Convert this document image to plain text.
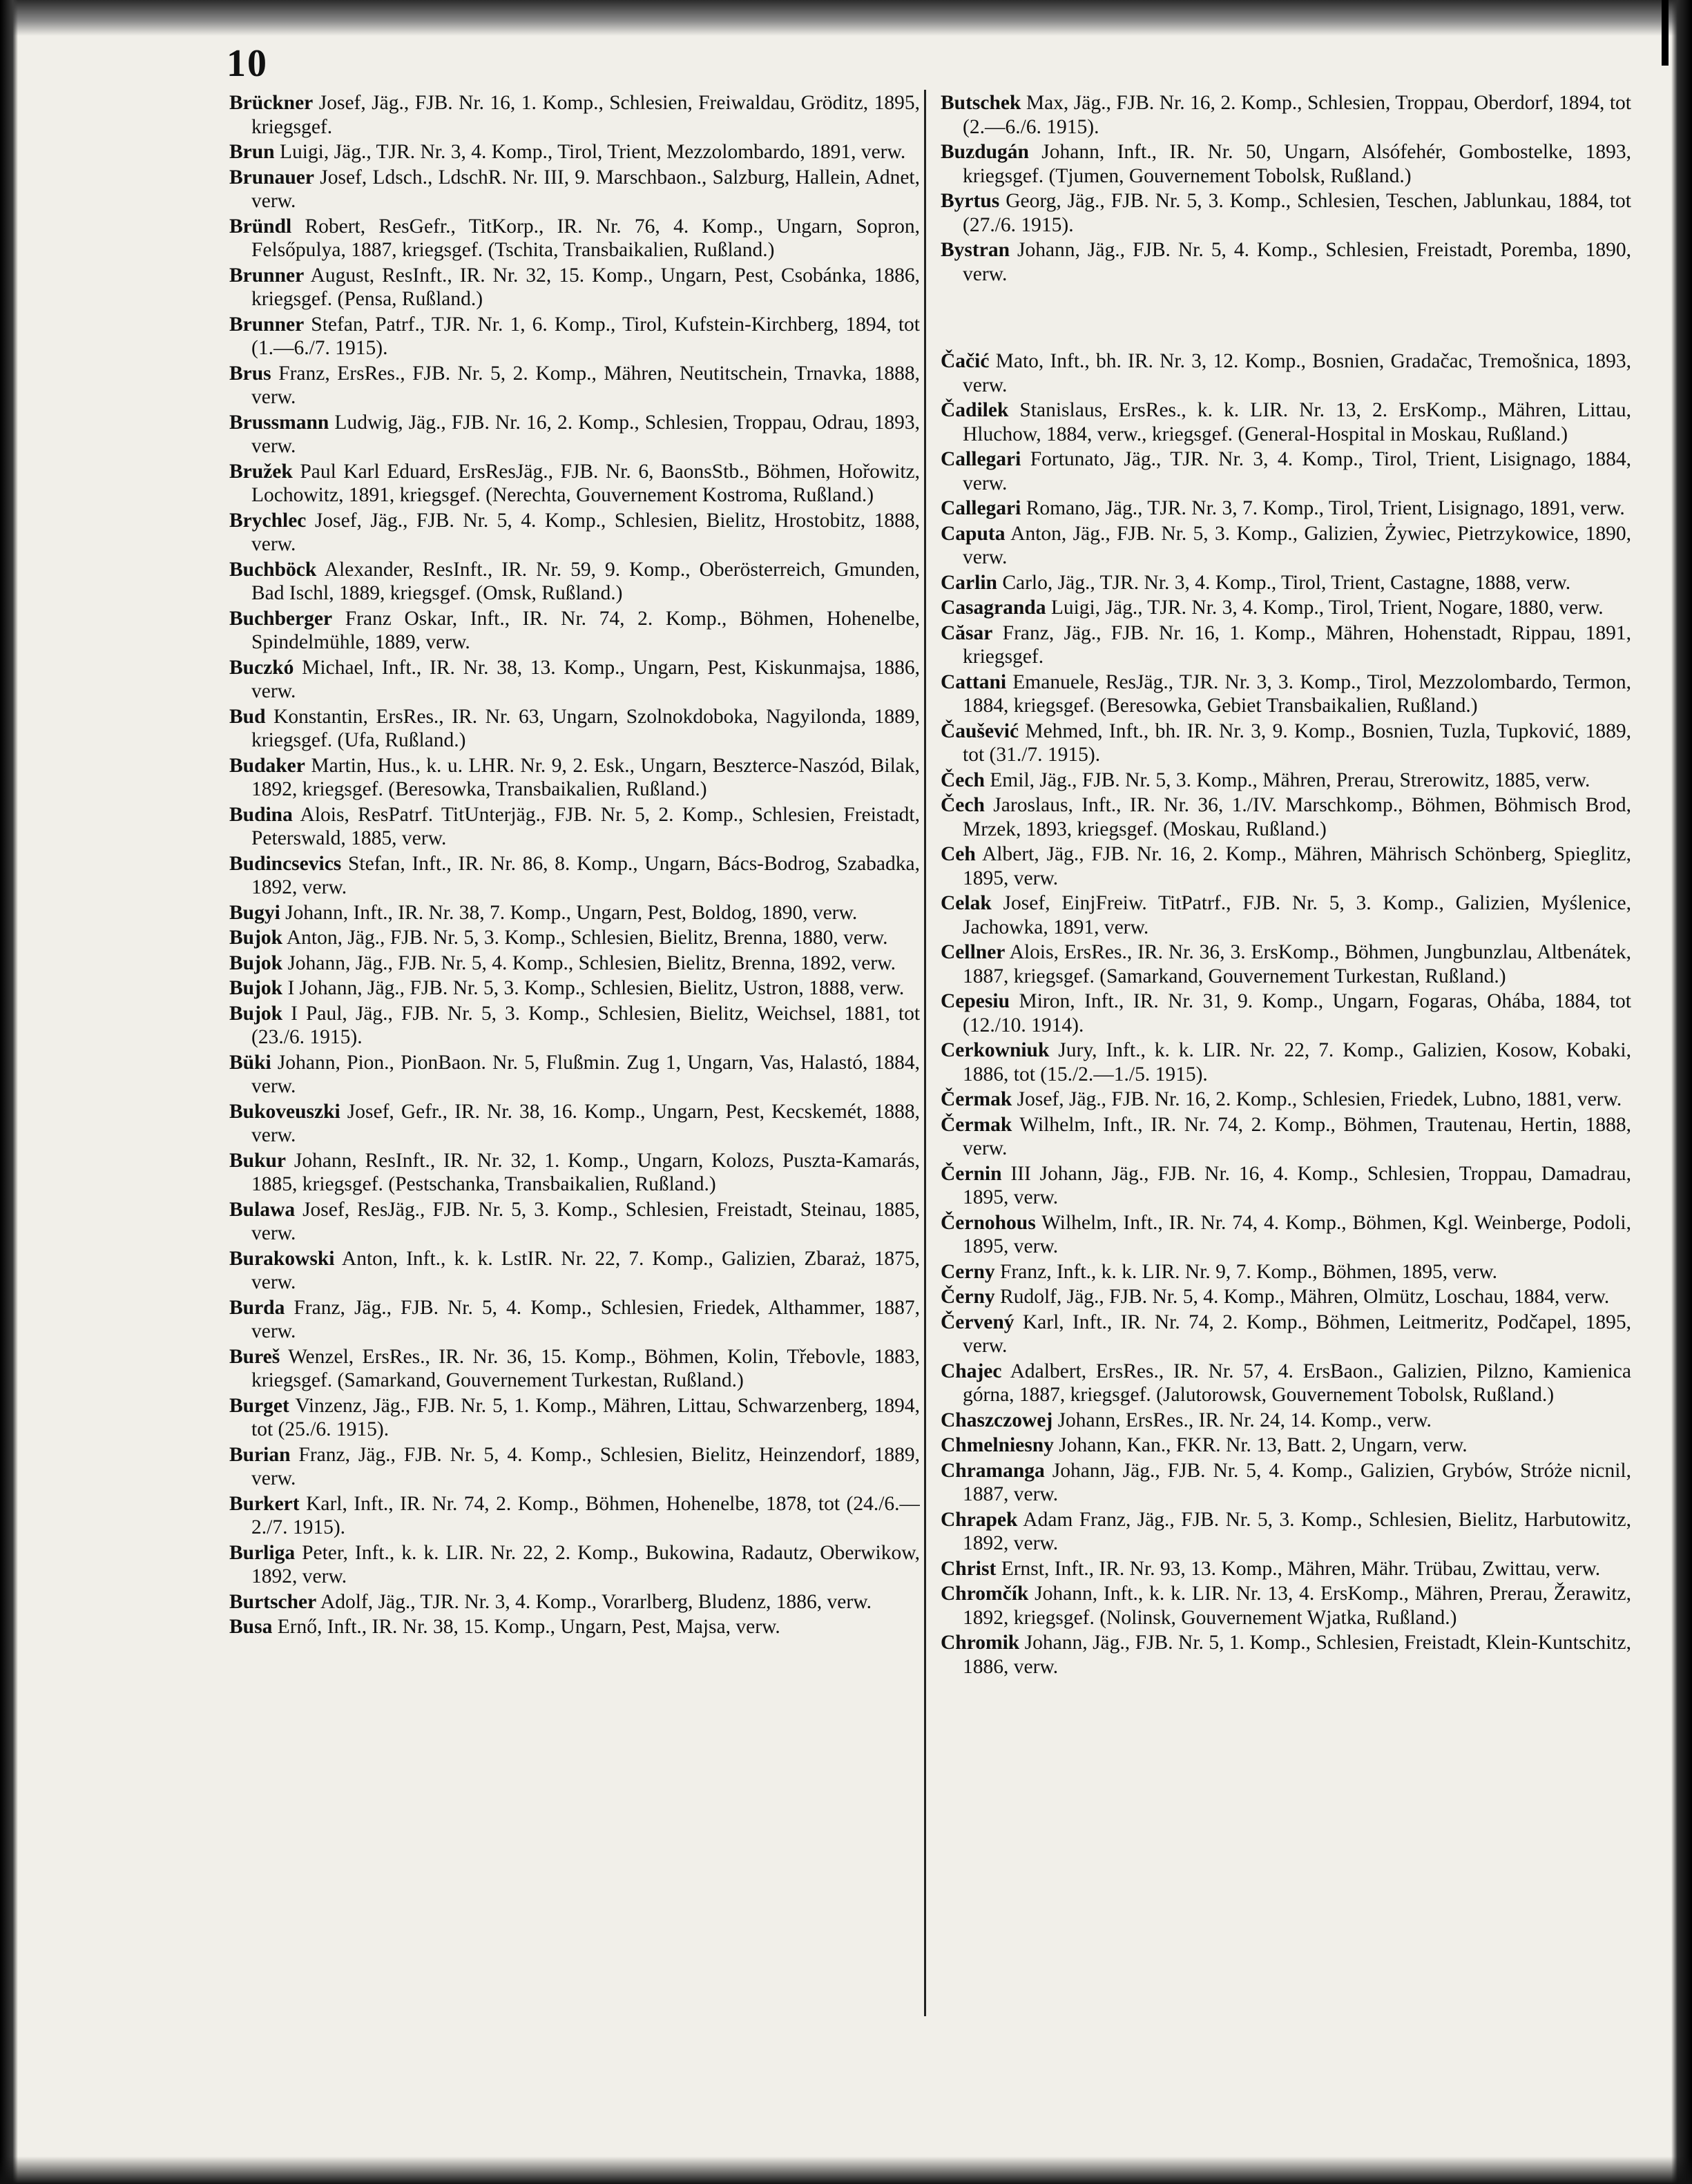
10

Brückner Josef, Jäg., FJB. Nr. 16, 1. Komp., Schlesien, Freiwaldau, Gröditz, 1895, kriegsgef.

Brun Luigi, Jäg., TJR. Nr. 3, 4. Komp., Tirol, Trient, Mezzolombardo, 1891, verw.

Brunauer Josef, Ldsch., LdschR. Nr. III, 9. Marschbaon., Salzburg, Hallein, Adnet, verw.

Bründl Robert, ResGefr., TitKorp., IR. Nr. 76, 4. Komp., Ungarn, Sopron, Felsőpulya, 1887, kriegsgef. (Tschita, Transbaikalien, Rußland.)

Brunner August, ResInft., IR. Nr. 32, 15. Komp., Ungarn, Pest, Csobánka, 1886, kriegsgef. (Pensa, Rußland.)

Brunner Stefan, Patrf., TJR. Nr. 1, 6. Komp., Tirol, Kufstein-Kirchberg, 1894, tot (1.—6./7. 1915).

Brus Franz, ErsRes., FJB. Nr. 5, 2. Komp., Mähren, Neutitschein, Trnavka, 1888, verw.

Brussmann Ludwig, Jäg., FJB. Nr. 16, 2. Komp., Schlesien, Troppau, Odrau, 1893, verw.

Bružek Paul Karl Eduard, ErsResJäg., FJB. Nr. 6, BaonsStb., Böhmen, Hořowitz, Lochowitz, 1891, kriegsgef. (Nerechta, Gouvernement Kostroma, Rußland.)

Brychlec Josef, Jäg., FJB. Nr. 5, 4. Komp., Schlesien, Bielitz, Hrostobitz, 1888, verw.

Buchböck Alexander, ResInft., IR. Nr. 59, 9. Komp., Oberösterreich, Gmunden, Bad Ischl, 1889, kriegsgef. (Omsk, Rußland.)

Buchberger Franz Oskar, Inft., IR. Nr. 74, 2. Komp., Böhmen, Hohenelbe, Spindelmühle, 1889, verw.

Buczkó Michael, Inft., IR. Nr. 38, 13. Komp., Ungarn, Pest, Kiskunmajsa, 1886, verw.

Bud Konstantin, ErsRes., IR. Nr. 63, Ungarn, Szolnokdoboka, Nagyilonda, 1889, kriegsgef. (Ufa, Rußland.)

Budaker Martin, Hus., k. u. LHR. Nr. 9, 2. Esk., Ungarn, Beszterce-Naszód, Bilak, 1892, kriegsgef. (Beresowka, Transbaikalien, Rußland.)

Budina Alois, ResPatrf. TitUnterjäg., FJB. Nr. 5, 2. Komp., Schlesien, Freistadt, Peterswald, 1885, verw.

Budincsevics Stefan, Inft., IR. Nr. 86, 8. Komp., Ungarn, Bács-Bodrog, Szabadka, 1892, verw.

Bugyi Johann, Inft., IR. Nr. 38, 7. Komp., Ungarn, Pest, Boldog, 1890, verw.

Bujok Anton, Jäg., FJB. Nr. 5, 3. Komp., Schlesien, Bielitz, Brenna, 1880, verw.

Bujok Johann, Jäg., FJB. Nr. 5, 4. Komp., Schlesien, Bielitz, Brenna, 1892, verw.

Bujok I Johann, Jäg., FJB. Nr. 5, 3. Komp., Schlesien, Bielitz, Ustron, 1888, verw.

Bujok I Paul, Jäg., FJB. Nr. 5, 3. Komp., Schlesien, Bielitz, Weichsel, 1881, tot (23./6. 1915).

Büki Johann, Pion., PionBaon. Nr. 5, Flußmin. Zug 1, Ungarn, Vas, Halastó, 1884, verw.

Bukoveuszki Josef, Gefr., IR. Nr. 38, 16. Komp., Ungarn, Pest, Kecskemét, 1888, verw.

Bukur Johann, ResInft., IR. Nr. 32, 1. Komp., Ungarn, Kolozs, Puszta-Kamarás, 1885, kriegsgef. (Pestschanka, Transbaikalien, Rußland.)

Bulawa Josef, ResJäg., FJB. Nr. 5, 3. Komp., Schlesien, Freistadt, Steinau, 1885, verw.

Burakowski Anton, Inft., k. k. LstIR. Nr. 22, 7. Komp., Galizien, Zbaraż, 1875, verw.

Burda Franz, Jäg., FJB. Nr. 5, 4. Komp., Schlesien, Friedek, Althammer, 1887, verw.

Bureš Wenzel, ErsRes., IR. Nr. 36, 15. Komp., Böhmen, Kolin, Třebovle, 1883, kriegsgef. (Samarkand, Gouvernement Turkestan, Rußland.)

Burget Vinzenz, Jäg., FJB. Nr. 5, 1. Komp., Mähren, Littau, Schwarzenberg, 1894, tot (25./6. 1915).

Burian Franz, Jäg., FJB. Nr. 5, 4. Komp., Schlesien, Bielitz, Heinzendorf, 1889, verw.

Burkert Karl, Inft., IR. Nr. 74, 2. Komp., Böhmen, Hohenelbe, 1878, tot (24./6.—2./7. 1915).

Burliga Peter, Inft., k. k. LIR. Nr. 22, 2. Komp., Bukowina, Radautz, Oberwikow, 1892, verw.

Burtscher Adolf, Jäg., TJR. Nr. 3, 4. Komp., Vorarlberg, Bludenz, 1886, verw.

Busa Ernő, Inft., IR. Nr. 38, 15. Komp., Ungarn, Pest, Majsa, verw.

Butschek Max, Jäg., FJB. Nr. 16, 2. Komp., Schlesien, Troppau, Oberdorf, 1894, tot (2.—6./6. 1915).

Buzdugán Johann, Inft., IR. Nr. 50, Ungarn, Alsófehér, Gombostelke, 1893, kriegsgef. (Tjumen, Gouvernement Tobolsk, Rußland.)

Byrtus Georg, Jäg., FJB. Nr. 5, 3. Komp., Schlesien, Teschen, Jablunkau, 1884, tot (27./6. 1915).

Bystran Johann, Jäg., FJB. Nr. 5, 4. Komp., Schlesien, Freistadt, Poremba, 1890, verw.

Čačić Mato, Inft., bh. IR. Nr. 3, 12. Komp., Bosnien, Gradačac, Tremošnica, 1893, verw.

Čadilek Stanislaus, ErsRes., k. k. LIR. Nr. 13, 2. ErsKomp., Mähren, Littau, Hluchow, 1884, verw., kriegsgef. (General-Hospital in Moskau, Rußland.)

Callegari Fortunato, Jäg., TJR. Nr. 3, 4. Komp., Tirol, Trient, Lisignago, 1884, verw.

Callegari Romano, Jäg., TJR. Nr. 3, 7. Komp., Tirol, Trient, Lisignago, 1891, verw.

Caputa Anton, Jäg., FJB. Nr. 5, 3. Komp., Galizien, Żywiec, Pietrzykowice, 1890, verw.

Carlin Carlo, Jäg., TJR. Nr. 3, 4. Komp., Tirol, Trient, Castagne, 1888, verw.

Casagranda Luigi, Jäg., TJR. Nr. 3, 4. Komp., Tirol, Trient, Nogare, 1880, verw.

Căsar Franz, Jäg., FJB. Nr. 16, 1. Komp., Mähren, Hohenstadt, Rippau, 1891, kriegsgef.

Cattani Emanuele, ResJäg., TJR. Nr. 3, 3. Komp., Tirol, Mezzolombardo, Termon, 1884, kriegsgef. (Beresowka, Gebiet Transbaikalien, Rußland.)

Čaušević Mehmed, Inft., bh. IR. Nr. 3, 9. Komp., Bosnien, Tuzla, Tupković, 1889, tot (31./7. 1915).

Čech Emil, Jäg., FJB. Nr. 5, 3. Komp., Mähren, Prerau, Strerowitz, 1885, verw.

Čech Jaroslaus, Inft., IR. Nr. 36, 1./IV. Marschkomp., Böhmen, Böhmisch Brod, Mrzek, 1893, kriegsgef. (Moskau, Rußland.)

Ceh Albert, Jäg., FJB. Nr. 16, 2. Komp., Mähren, Mährisch Schönberg, Spieglitz, 1895, verw.

Celak Josef, EinjFreiw. TitPatrf., FJB. Nr. 5, 3. Komp., Galizien, Myślenice, Jachowka, 1891, verw.

Cellner Alois, ErsRes., IR. Nr. 36, 3. ErsKomp., Böhmen, Jungbunzlau, Altbenátek, 1887, kriegsgef. (Samarkand, Gouvernement Turkestan, Rußland.)

Cepesiu Miron, Inft., IR. Nr. 31, 9. Komp., Ungarn, Fogaras, Ohába, 1884, tot (12./10. 1914).

Cerkowniuk Jury, Inft., k. k. LIR. Nr. 22, 7. Komp., Galizien, Kosow, Kobaki, 1886, tot (15./2.—1./5. 1915).

Čermak Josef, Jäg., FJB. Nr. 16, 2. Komp., Schlesien, Friedek, Lubno, 1881, verw.

Čermak Wilhelm, Inft., IR. Nr. 74, 2. Komp., Böhmen, Trautenau, Hertin, 1888, verw.

Černin III Johann, Jäg., FJB. Nr. 16, 4. Komp., Schlesien, Troppau, Damadrau, 1895, verw.

Černohous Wilhelm, Inft., IR. Nr. 74, 4. Komp., Böhmen, Kgl. Weinberge, Podoli, 1895, verw.

Cerny Franz, Inft., k. k. LIR. Nr. 9, 7. Komp., Böhmen, 1895, verw.

Černy Rudolf, Jäg., FJB. Nr. 5, 4. Komp., Mähren, Olmütz, Loschau, 1884, verw.

Červený Karl, Inft., IR. Nr. 74, 2. Komp., Böhmen, Leitmeritz, Podčapel, 1895, verw.

Chajec Adalbert, ErsRes., IR. Nr. 57, 4. ErsBaon., Galizien, Pilzno, Kamienica górna, 1887, kriegsgef. (Jalutorowsk, Gouvernement Tobolsk, Rußland.)

Chaszczowej Johann, ErsRes., IR. Nr. 24, 14. Komp., verw.

Chmelniesny Johann, Kan., FKR. Nr. 13, Batt. 2, Ungarn, verw.

Chramanga Johann, Jäg., FJB. Nr. 5, 4. Komp., Galizien, Grybów, Stróże nicnil, 1887, verw.

Chrapek Adam Franz, Jäg., FJB. Nr. 5, 3. Komp., Schlesien, Bielitz, Harbutowitz, 1892, verw.

Christ Ernst, Inft., IR. Nr. 93, 13. Komp., Mähren, Mähr. Trübau, Zwittau, verw.

Chromčík Johann, Inft., k. k. LIR. Nr. 13, 4. ErsKomp., Mähren, Prerau, Žerawitz, 1892, kriegsgef. (Nolinsk, Gouvernement Wjatka, Rußland.)

Chromik Johann, Jäg., FJB. Nr. 5, 1. Komp., Schlesien, Freistadt, Klein-Kuntschitz, 1886, verw.
